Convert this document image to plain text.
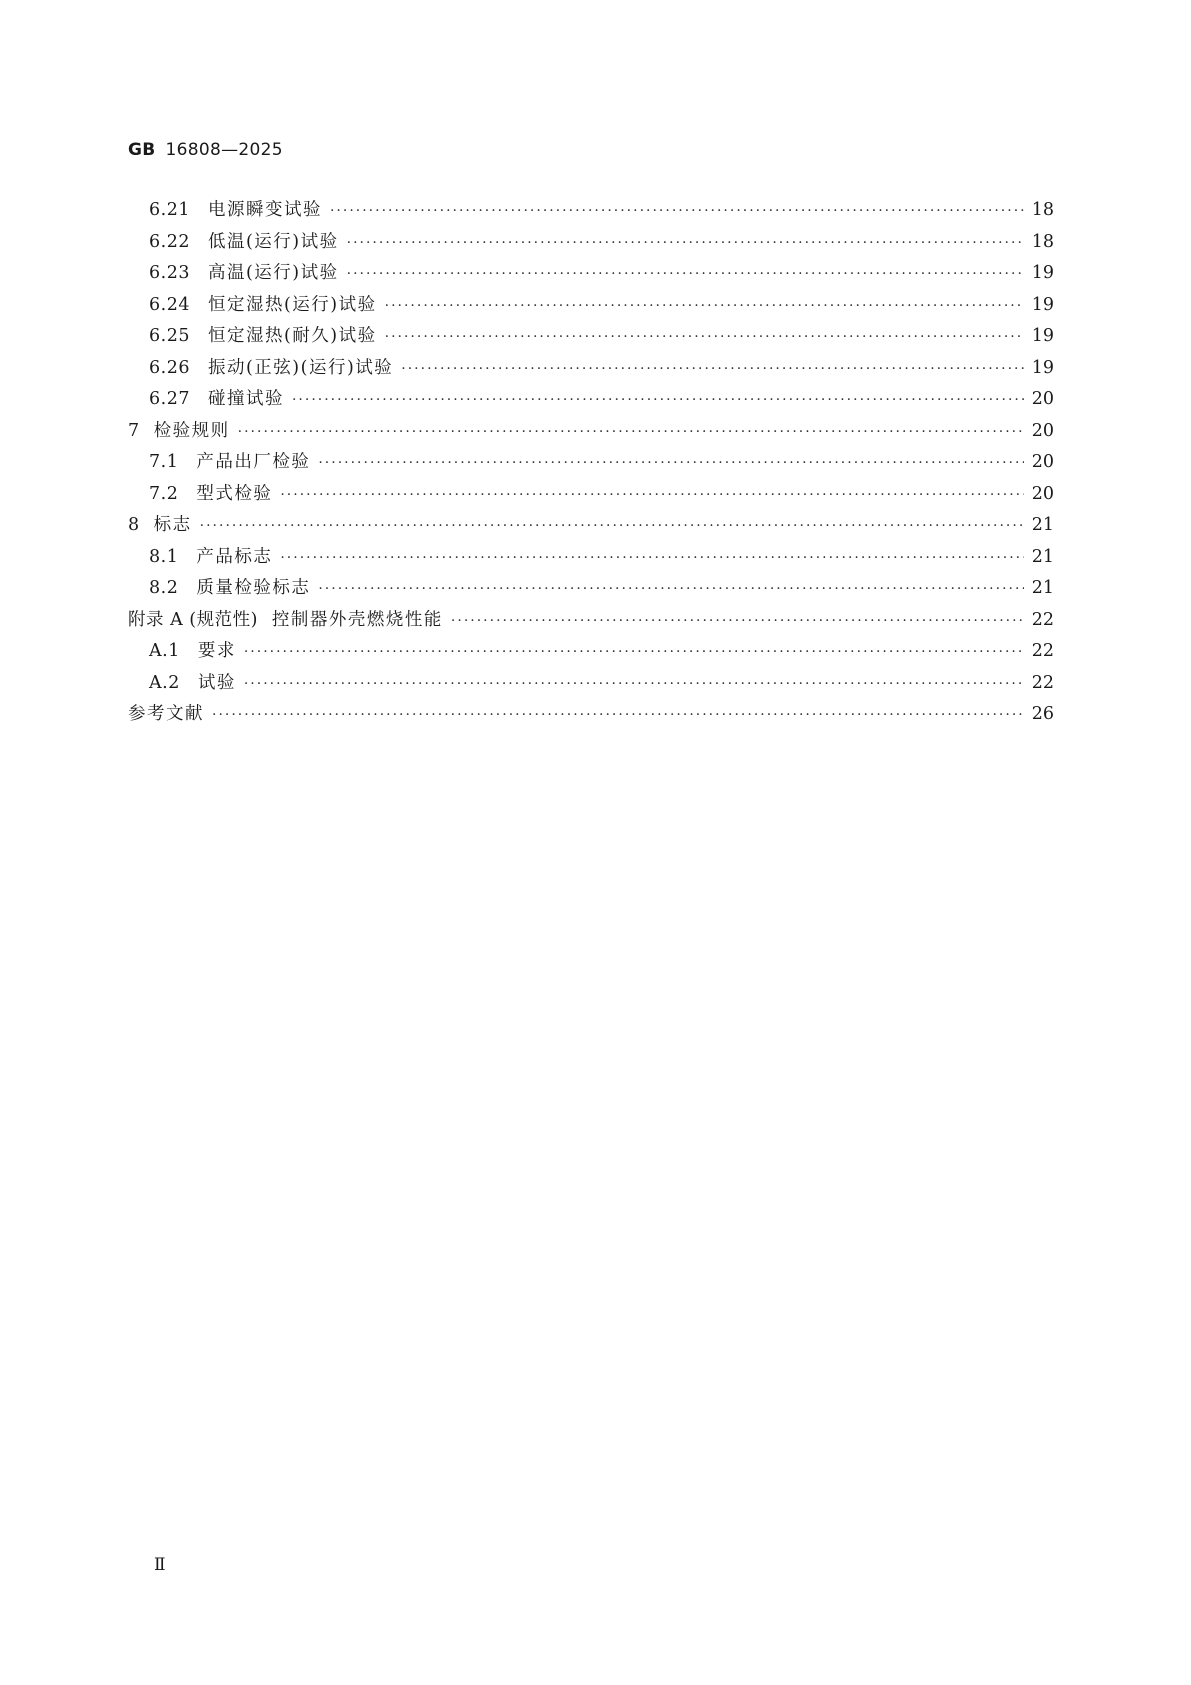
GB 16808—2025
6.21 电源瞬变试验 ·····	18
6.22 低温(运行)试验 ·····	18
6.23 高温(运行)试验 ·····	19
6.24 恒定湿热(运行)试验 ·····	19
6.25 恒定湿热(耐久)试验 ·····	19
6.26 振动(正弦)(运行)试验 ·····	19
6.27 碰撞试验 ·····	20
7 检验规则 ·····	20
7.1 产品出厂检验 ·····	20
7.2 型式检验 ·····	20
8 标志 ·····	21
8.1 产品标志 ·····	21
8.2 质量检验标志 ·····	21
附录 A (规范性) 控制器外壳燃烧性能 ·····	22
A.1 要求 ·····	22
A.2 试验 ·····	22
参考文献 ·····	26
Ⅱ
